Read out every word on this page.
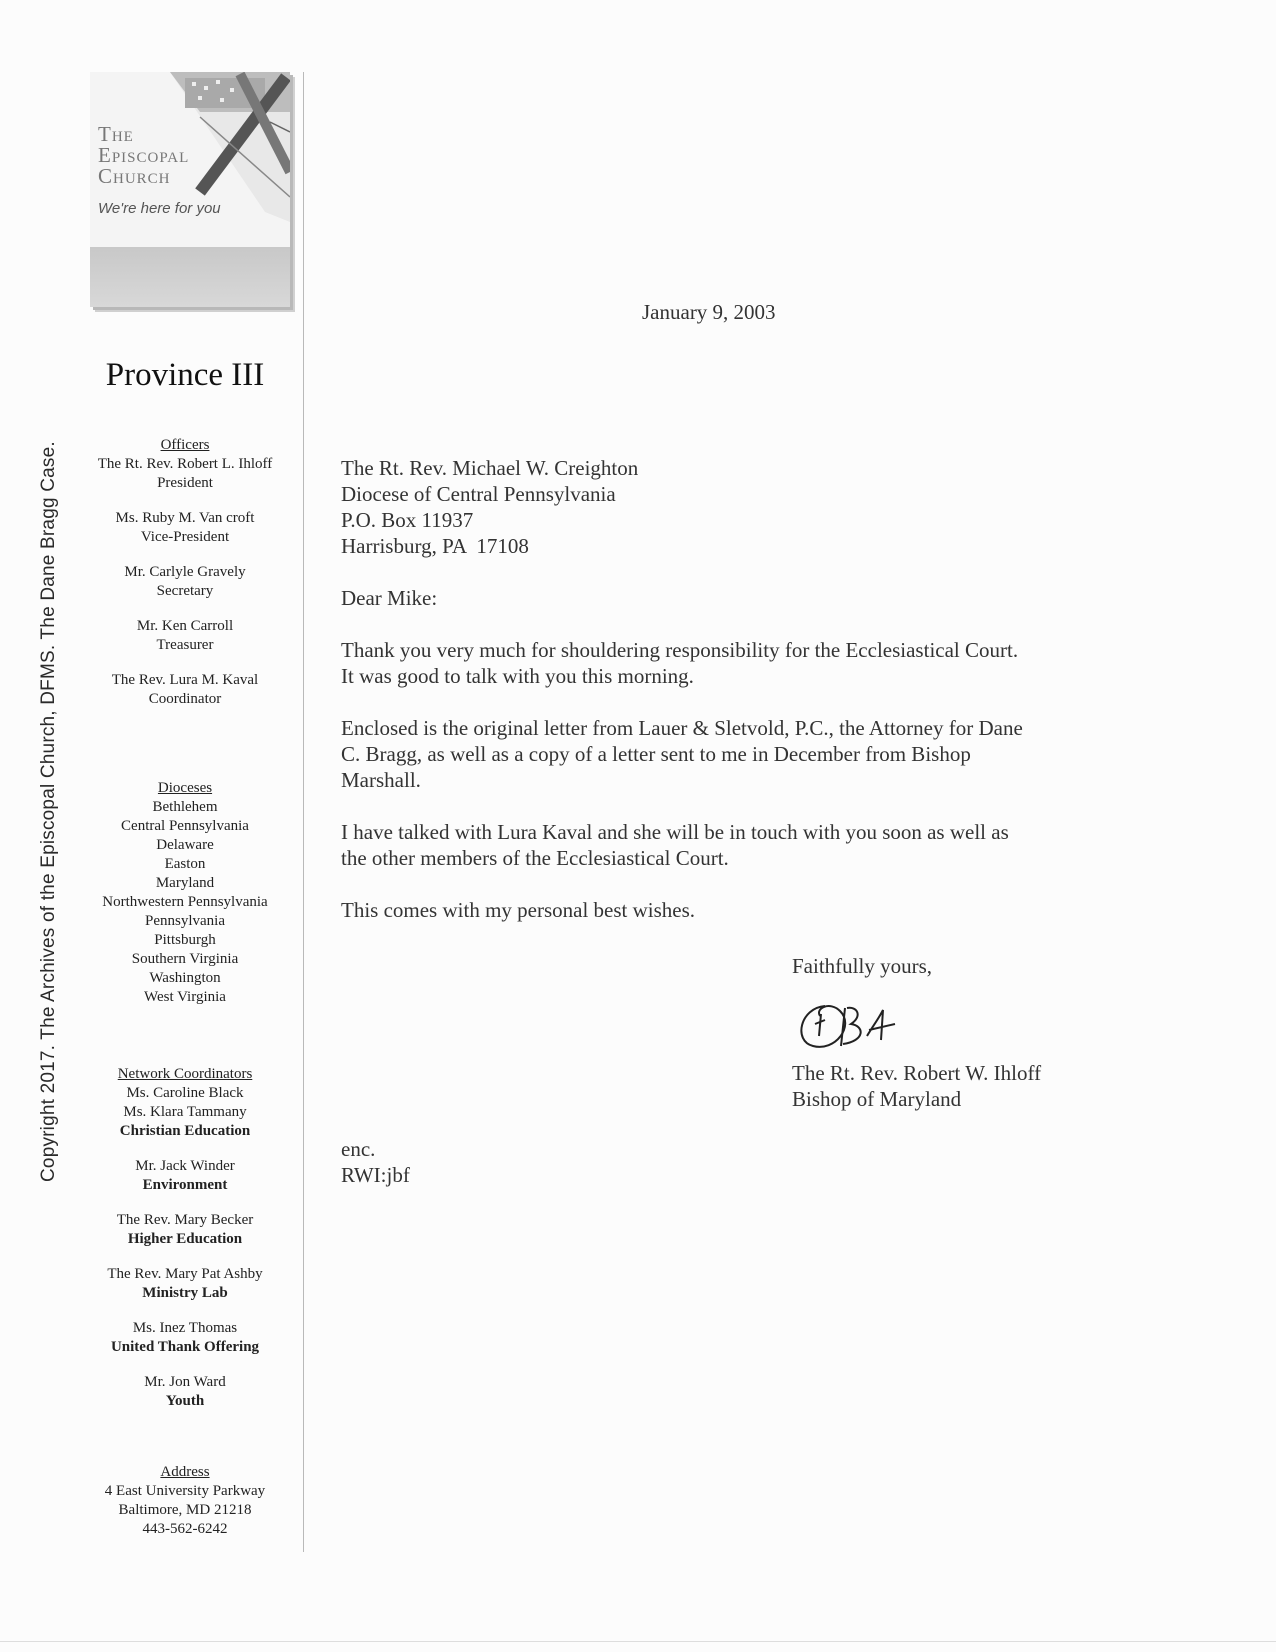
Copyright 2017. The Archives of the Episcopal Church, DFMS. The Dane Bragg Case.
The
Episcopal
Church
We're here for you
Province III
Officers
The Rt. Rev. Robert L. Ihloff
President
Ms. Ruby M. Van croft
Vice-President
Mr. Carlyle Gravely
Secretary
Mr. Ken Carroll
Treasurer
The Rev. Lura M. Kaval
Coordinator
Dioceses
Bethlehem
Central Pennsylvania
Delaware
Easton
Maryland
Northwestern Pennsylvania
Pennsylvania
Pittsburgh
Southern Virginia
Washington
West Virginia
Network Coordinators
Ms. Caroline Black
Ms. Klara Tammany
Christian Education
Mr. Jack Winder
Environment
The Rev. Mary Becker
Higher Education
The Rev. Mary Pat Ashby
Ministry Lab
Ms. Inez Thomas
United Thank Offering
Mr. Jon Ward
Youth
Address
4 East University Parkway
Baltimore, MD 21218
443-562-6242
January 9, 2003

The Rt. Rev. Michael W. Creighton
Diocese of Central Pennsylvania
P.O. Box 11937
Harrisburg, PA  17108

Dear Mike:

Thank you very much for shouldering responsibility for the Ecclesiastical Court.
It was good to talk with you this morning.

Enclosed is the original letter from Lauer & Sletvold, P.C., the Attorney for Dane
C. Bragg, as well as a copy of a letter sent to me in December from Bishop
Marshall.

I have talked with Lura Kaval and she will be in touch with you soon as well as
the other members of the Ecclesiastical Court.

This comes with my personal best wishes.

Faithfully yours,
The Rt. Rev. Robert W. Ihloff
Bishop of Maryland
enc.
RWI:jbf
